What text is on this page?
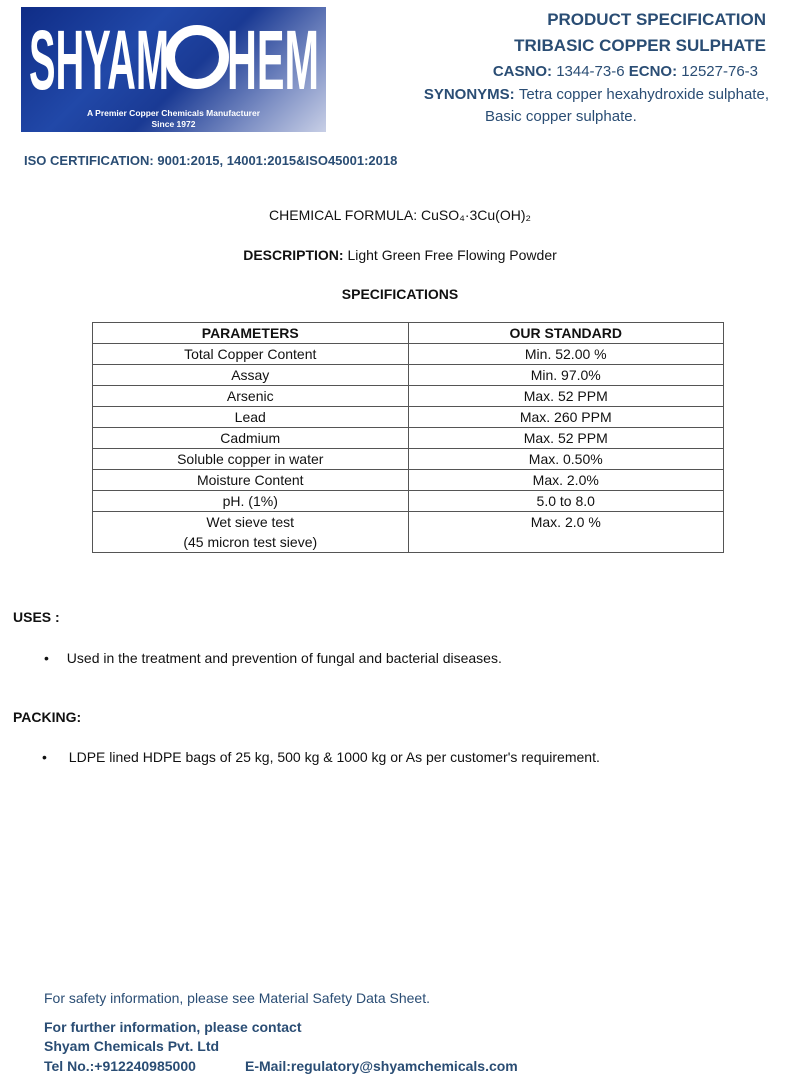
SHYAM HEM
A Premier Copper Chemicals Manufacturer
Since 1972
PRODUCT SPECIFICATION
TRIBASIC COPPER SULPHATE
CASNO: 1344-73-6 ECNO: 12527-76-3
SYNONYMS: Tetra copper hexahydroxide sulphate,
Basic copper sulphate.
ISO CERTIFICATION: 9001:2015, 14001:2015&ISO45001:2018
CHEMICAL FORMULA: CuSO₄·3Cu(OH)₂
DESCRIPTION: Light Green Free Flowing Powder
SPECIFICATIONS
PARAMETERS	OUR STANDARD
Total Copper Content	Min. 52.00 %
Assay	Min. 97.0%
Arsenic	Max. 52 PPM
Lead	Max. 260 PPM
Cadmium	Max. 52 PPM
Soluble copper in water	Max. 0.50%
Moisture Content	Max. 2.0%
pH. (1%)	5.0 to 8.0

Wet sieve test
(45 micron test sieve)	Max. 2.0 %
USES :
• Used in the treatment and prevention of fungal and bacterial diseases.
PACKING:
• LDPE lined HDPE bags of 25 kg, 500 kg & 1000 kg or As per customer's requirement.
For safety information, please see Material Safety Data Sheet.
For further information, please contact
Shyam Chemicals Pvt. Ltd
Tel No.:+912240985000	E-Mail:regulatory@shyamchemicals.com
